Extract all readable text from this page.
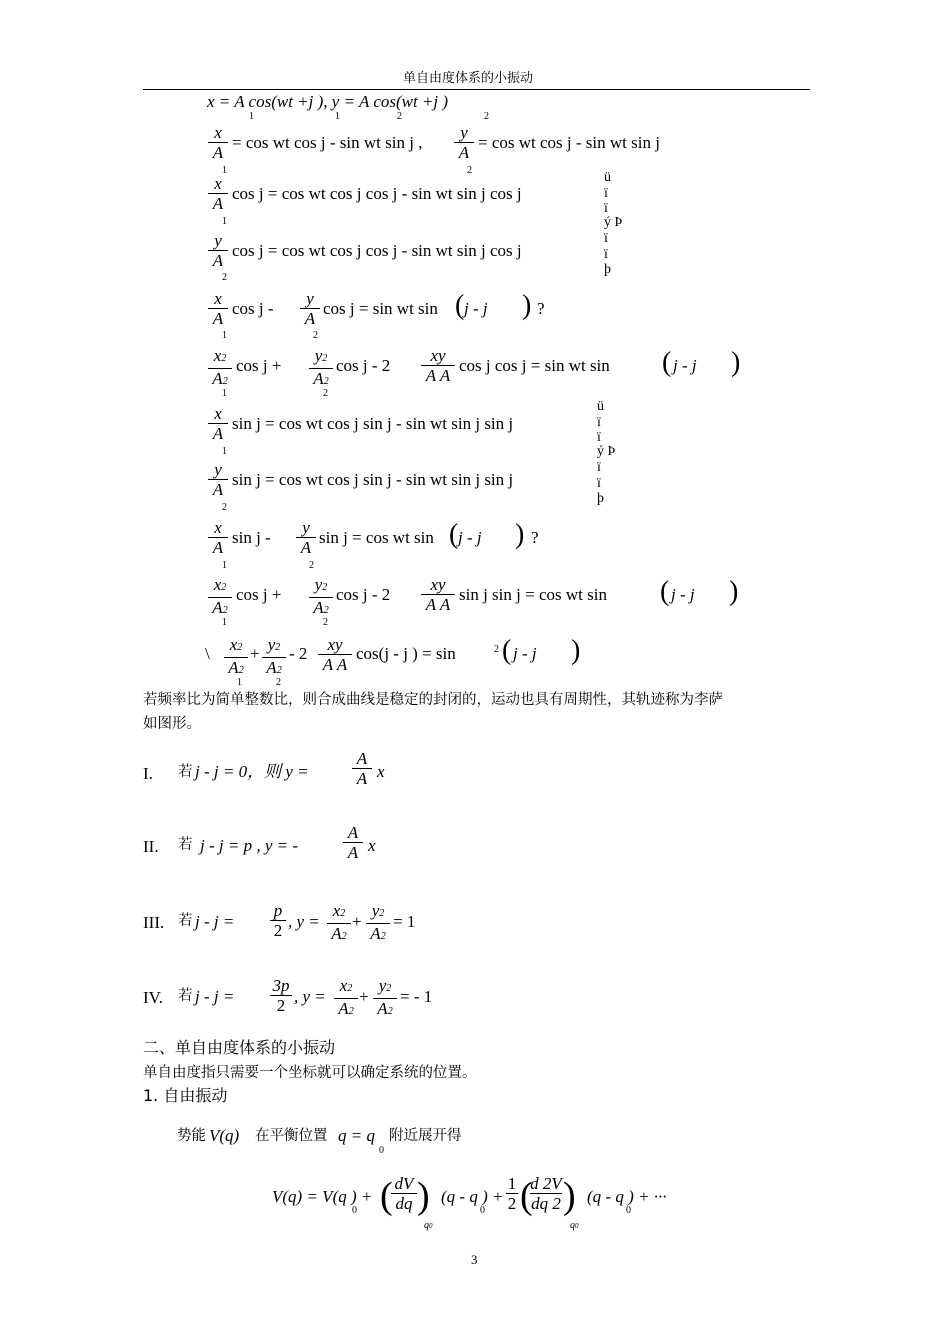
单自由度体系的小振动
x = A cos(wt +j ), y = A cos(wt +j )
1	1	2	2
x
A
1
= cos wt cos j - sin wt sin j ,
y
A
2
= cos wt cos j - sin wt sin j
x
A
1
cos j = cos wt cos j cos j - sin wt sin j cos j
y
A
2
cos j = cos wt cos j cos j - sin wt sin j cos j
ü
ï
ï
ý Þ
ï
ï
þ
x
A
1
cos j -
y
A
2
cos j = sin wt sin ( j - j ) ?
x2
A2
1
cos j +
y2
A2
2
cos j - 2
xy
A A
cos j cos j = sin wt sin ( j - j )
x
A
1
sin j = cos wt cos j sin j - sin wt sin j sin j
y
A
2
sin j = cos wt cos j sin j - sin wt sin j sin j
ü
ï
ï
ý Þ
ï
ï
þ
x
A
1
sin j -
y
A
2
sin j = cos wt sin ( j - j ) ?
x2
A2
1
cos j +
y2
A2
2
cos j - 2
xy
A A
sin j sin j = cos wt sin ( j - j )
\	x2
A2
1
+ y2
A2
2
- 2	xy
A A
cos(j - j ) = sin	2 ( j - j )
若频率比为简单整数比，则合成曲线是稳定的封闭的，运动也具有周期性，其轨迹称为李萨
如图形。
I. 若 j - j = 0，则 y =
A
A x
II. 若 j - j = p , y = -
A
A x
III. 若 j - j =
p
2 , y =
x2
A2
+
y2
A2
= 1
IV. 若 j - j =
3p
2 , y =
x2
A2
+
y2
A2
= - 1
二、单自由度体系的小振动
单自由度指只需要一个坐标就可以确定系统的位置。
1. 自由振动
势能 V(q) 在平衡位置 q = q
0
附近展开得
V(q) = V(q ) +
0 ( dV
dq )
q0
(q - q ) +
0
1
2 (
d 2V
dq 2 )
q0
(q - q ) + ···
0
3
